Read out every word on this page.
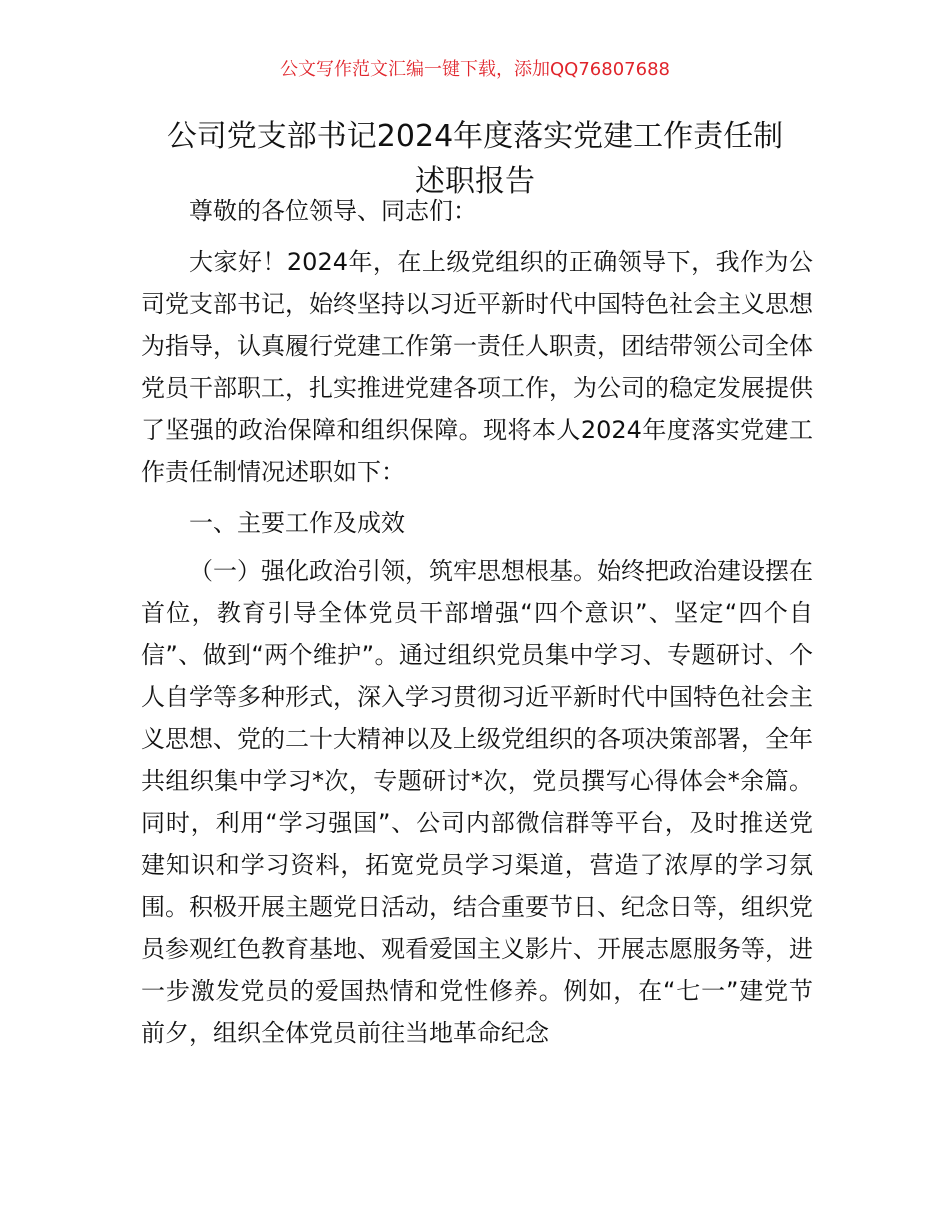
公文写作范文汇编一键下载，添加QQ76807688
公司党支部书记2024年度落实党建工作责任制
述职报告

尊敬的各位领导、同志们：

大家好！2024年，在上级党组织的正确领导下，我作为公司党支部书记，始终坚持以习近平新时代中国特色社会主义思想为指导，认真履行党建工作第一责任人职责，团结带领公司全体党员干部职工，扎实推进党建各项工作，为公司的稳定发展提供了坚强的政治保障和组织保障。现将本人2024年度落实党建工作责任制情况述职如下：

一、主要工作及成效

（一）强化政治引领，筑牢思想根基。始终把政治建设摆在首位，教育引导全体党员干部增强“四个意识”、坚定“四个自信”、做到“两个维护”。通过组织党员集中学习、专题研讨、个人自学等多种形式，深入学习贯彻习近平新时代中国特色社会主义思想、党的二十大精神以及上级党组织的各项决策部署，全年共组织集中学习*次，专题研讨*次，党员撰写心得体会*余篇。同时，利用“学习强国”、公司内部微信群等平台，及时推送党建知识和学习资料，拓宽党员学习渠道，营造了浓厚的学习氛围。积极开展主题党日活动，结合重要节日、纪念日等，组织党员参观红色教育基地、观看爱国主义影片、开展志愿服务等，进一步激发党员的爱国热情和党性修养。例如，在“七一”建党节前夕，组织全体党员前往当地革命纪念
